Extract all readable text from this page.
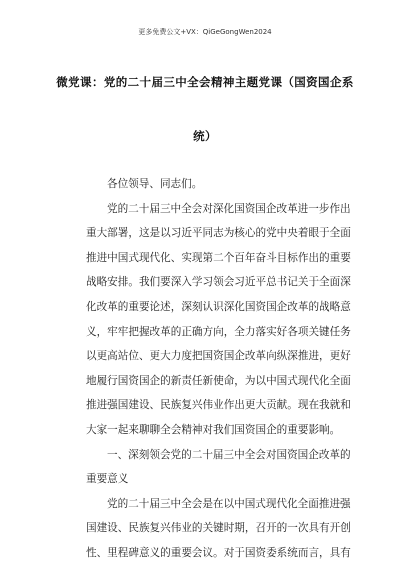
更多免费公文+VX：QiGeGongWen2024
微党课：党的二十届三中全会精神主题党课（国资国企系
统）
各位领导、同志们。
党的二十届三中全会对深化国资国企改革进一步作出
重大部署，这是以习近平同志为核心的党中央着眼于全面
推进中国式现代化、实现第二个百年奋斗目标作出的重要
战略安排。我们要深入学习领会习近平总书记关于全面深
化改革的重要论述，深刻认识深化国资国企改革的战略意
义，牢牢把握改革的正确方向，全力落实好各项关键任务
以更高站位、更大力度把国资国企改革向纵深推进，更好
地履行国资国企的新责任新使命，为以中国式现代化全面
推进强国建设、民族复兴伟业作出更大贡献。现在我就和
大家一起来聊聊全会精神对我们国资国企的重要影响。
一、深刻领会党的二十届三中全会对国资国企改革的
重要意义
党的二十届三中全会是在以中国式现代化全面推进强
国建设、民族复兴伟业的关键时期，召开的一次具有开创
性、里程碑意义的重要会议。对于国资委系统而言，具有
